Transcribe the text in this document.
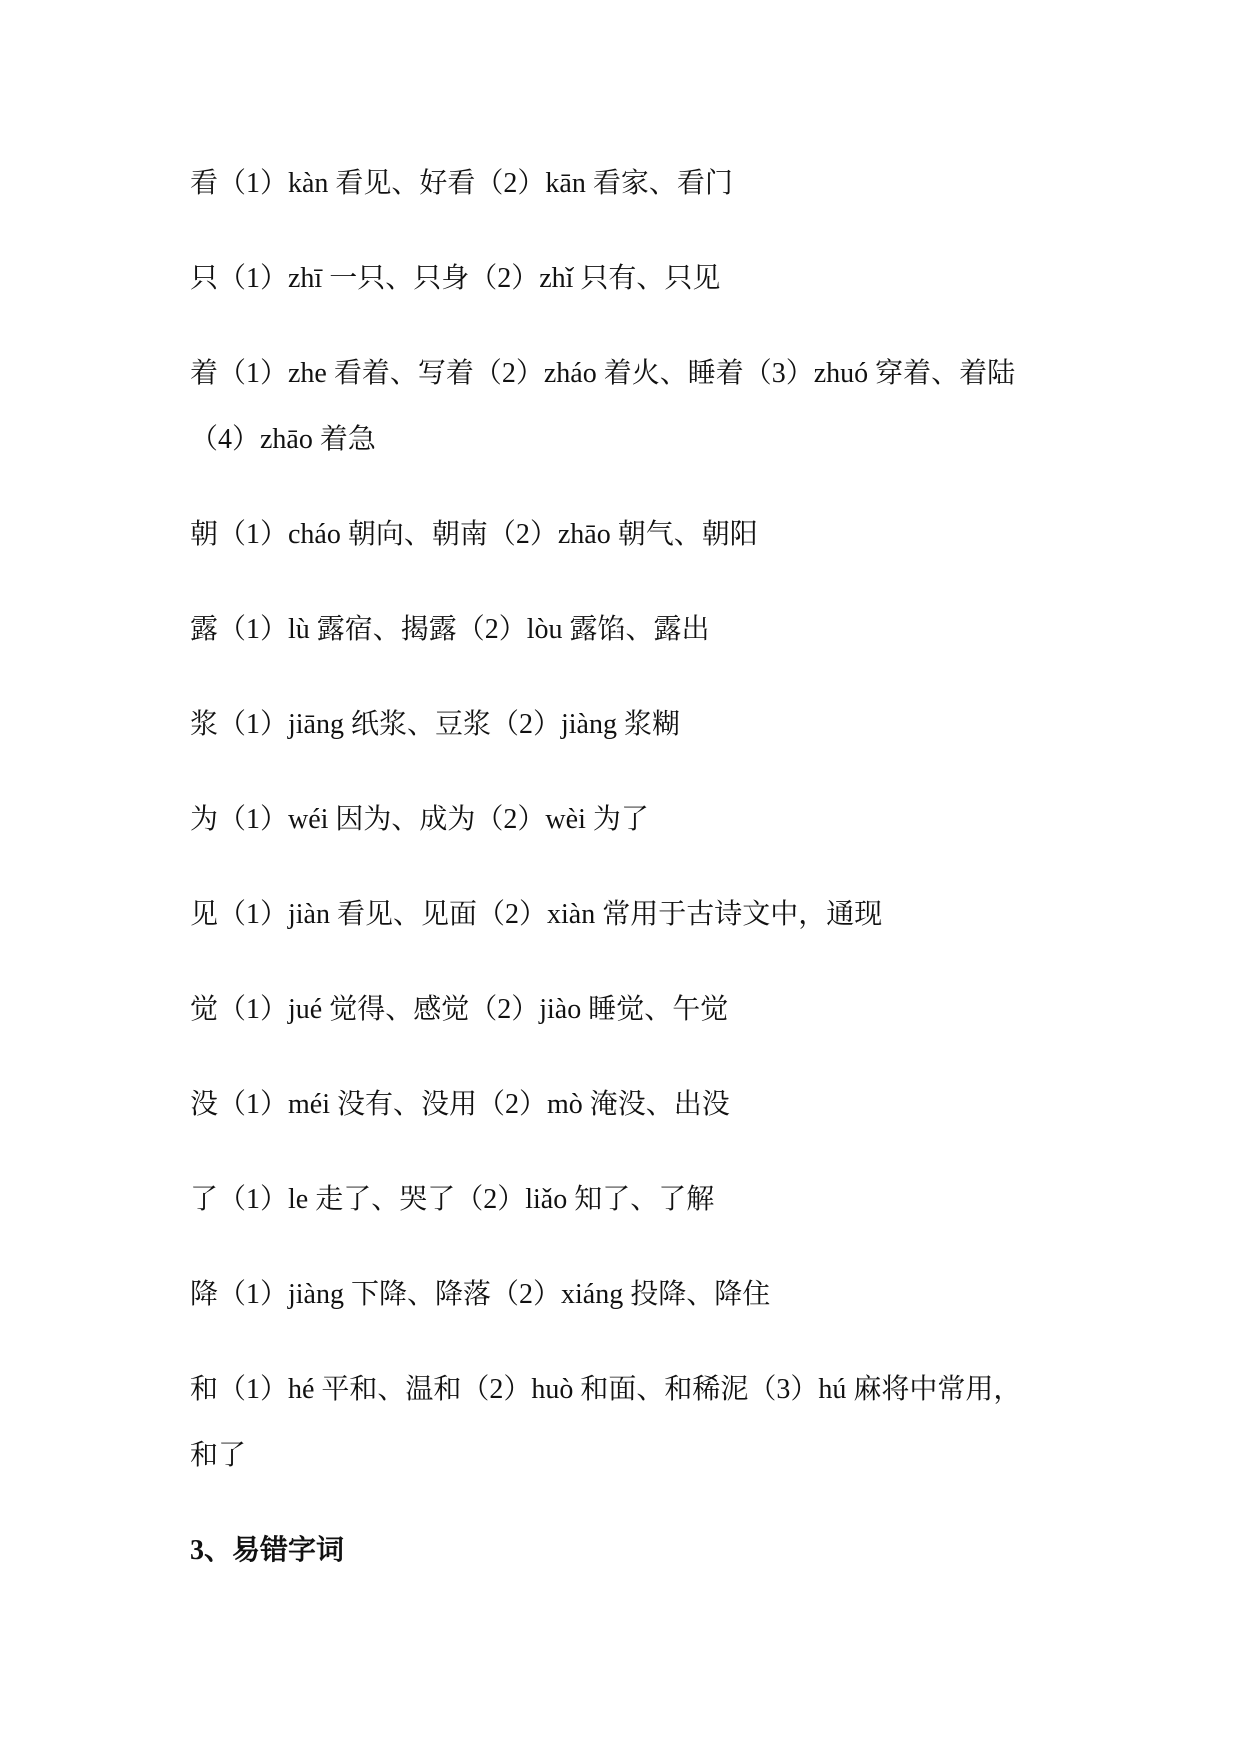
看（1）kàn 看见、好看（2）kān 看家、看门

只（1）zhī 一只、只身（2）zhǐ 只有、只见

着（1）zhe 看着、写着（2）zháo 着火、睡着（3）zhuó 穿着、着陆
（4）zhāo 着急

朝（1）cháo 朝向、朝南（2）zhāo 朝气、朝阳

露（1）lù 露宿、揭露（2）lòu 露馅、露出

浆（1）jiāng 纸浆、豆浆（2）jiàng 浆糊

为（1）wéi 因为、成为（2）wèi 为了

见（1）jiàn 看见、见面（2）xiàn 常用于古诗文中，通现

觉（1）jué 觉得、感觉（2）jiào 睡觉、午觉

没（1）méi 没有、没用（2）mò 淹没、出没

了（1）le 走了、哭了（2）liǎo 知了、了解

降（1）jiàng 下降、降落（2）xiáng 投降、降住

和（1）hé 平和、温和（2）huò 和面、和稀泥（3）hú 麻将中常用，
和了

3、易错字词
